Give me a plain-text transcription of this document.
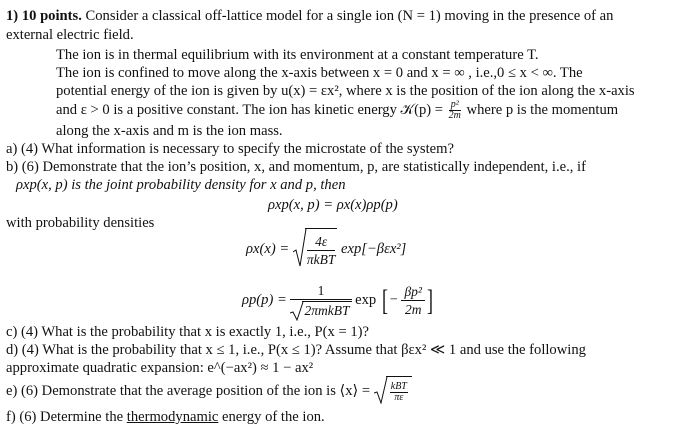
1) 10 points. Consider a classical off-lattice model for a single ion (N = 1) moving in the presence of an
external electric field.
The ion is in thermal equilibrium with its environment at a constant temperature T.
The ion is confined to move along the x-axis between x = 0 and x = ∞ , i.e.,0 ≤ x < ∞. The
potential energy of the ion is given by u(x) = εx², where x is the position of the ion along the x-axis
and ε > 0 is a positive constant. The ion has kinetic energy 𝒦(p) = $\frac{\text{p²}}{2m}$ where p is the momentum
along the x-axis and m is the ion mass.
a) (4) What information is necessary to specify the microstate of the system?
b) (6) Demonstrate that the ion’s position, x, and momentum, p, are statistically independent, i.e., if
ρxp(x, p) is the joint probability density for x and p, then
ρxp(x, p) = ρx(x)ρp(p)
with probability densities
$\rho x(x) = \frac{4\varepsilon}{\text{πkBT}} \exp[-\beta\varepsilon x^2]$
$\rho p(p) = \frac{1}{\text{2πmkBT}}$ exp [ − $\frac{\text{βp²}}{2m}$ ]
c) (4) What is the probability that x is exactly 1, i.e., P(x = 1)?
d) (4) What is the probability that x ≤ 1, i.e., P(x ≤ 1)? Assume that βεx² ≪ 1 and use the following
approximate quadratic expansion: e^(−ax²) ≈ 1 − ax²
e) (6) Demonstrate that the average position of the ion is ⟨x⟩ = $\frac{\text{kBT}}{\pi\varepsilon}$
f) (6) Determine the thermodynamic energy of the ion.
